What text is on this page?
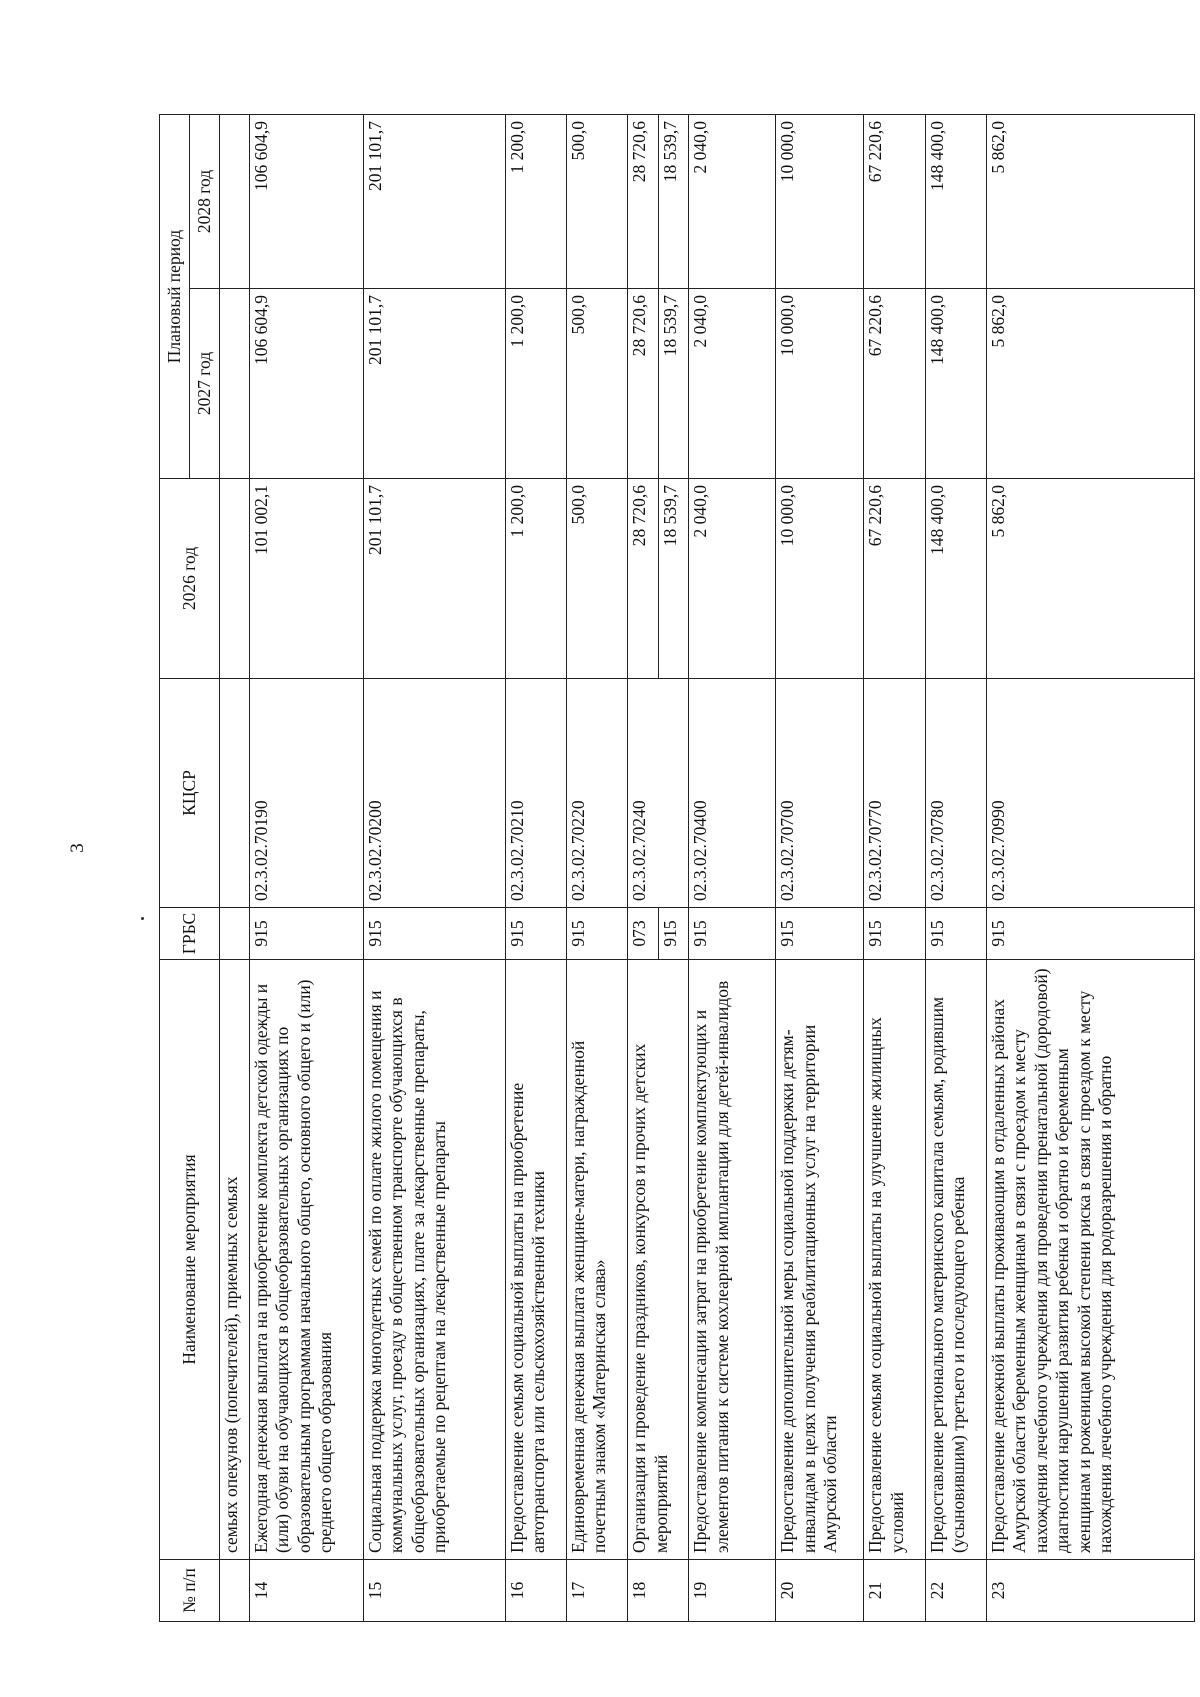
3
№ п/п	Наименование мероприятия	ГРБС	КЦСР	2026 год	Плановый период	
					2027 год	2028 год
	семьях опекунов (попечителей), приемных семьях					
14	Ежегодная денежная выплата на приобретение комплекта детской одежды и (или) обуви на обучающихся в общеобразовательных организациях по образовательным программам начального общего, основного общего и (или) среднего общего образования	915	02.3.02.70190	101 002,1	106 604,9	106 604,9
15	Социальная поддержка многодетных семей по оплате жилого помещения и коммунальных услуг, проезду в общественном транспорте обучающихся в общеобразовательных организациях, плате за лекарственные препараты, приобретаемые по рецептам на лекарственные препараты	915	02.3.02.70200	201 101,7	201 101,7	201 101,7
16	Предоставление семьям социальной выплаты на приобретение автотранспорта или сельскохозяйственной техники	915	02.3.02.70210	1 200,0	1 200,0	1 200,0
17	Единовременная денежная выплата женщине-матери, награжденной почетным знаком «Материнская слава»	915	02.3.02.70220	500,0	500,0	500,0
18	Организация и проведение праздников, конкурсов и прочих детских мероприятий	073	02.3.02.70240	28 720,6	28 720,6	28 720,6
		915		18 539,7	18 539,7	18 539,7
19	Предоставление компенсации затрат на приобретение комплектующих и элементов питания к системе кохлеарной имплантации для детей-инвалидов	915	02.3.02.70400	2 040,0	2 040,0	2 040,0
20	Предоставление дополнительной меры социальной поддержки детям-инвалидам в целях получения реабилитационных услуг на территории Амурской области	915	02.3.02.70700	10 000,0	10 000,0	10 000,0
21	Предоставление семьям социальной выплаты на улучшение жилищных условий	915	02.3.02.70770	67 220,6	67 220,6	67 220,6
22	Предоставление регионального материнского капитала семьям, родившим (усыновившим) третьего и последующего ребенка	915	02.3.02.70780	148 400,0	148 400,0	148 400,0
23	Предоставление денежной выплаты проживающим в отдаленных районах Амурской области беременным женщинам в связи с проездом к месту нахождения лечебного учреждения для проведения пренатальной (дородовой) диагностики нарушений развития ребенка и обратно и беременным женщинам и роженицам высокой степени риска в связи с проездом к месту нахождения лечебного учреждения для родоразрешения и обратно	915	02.3.02.70990	5 862,0	5 862,0	5 862,0
